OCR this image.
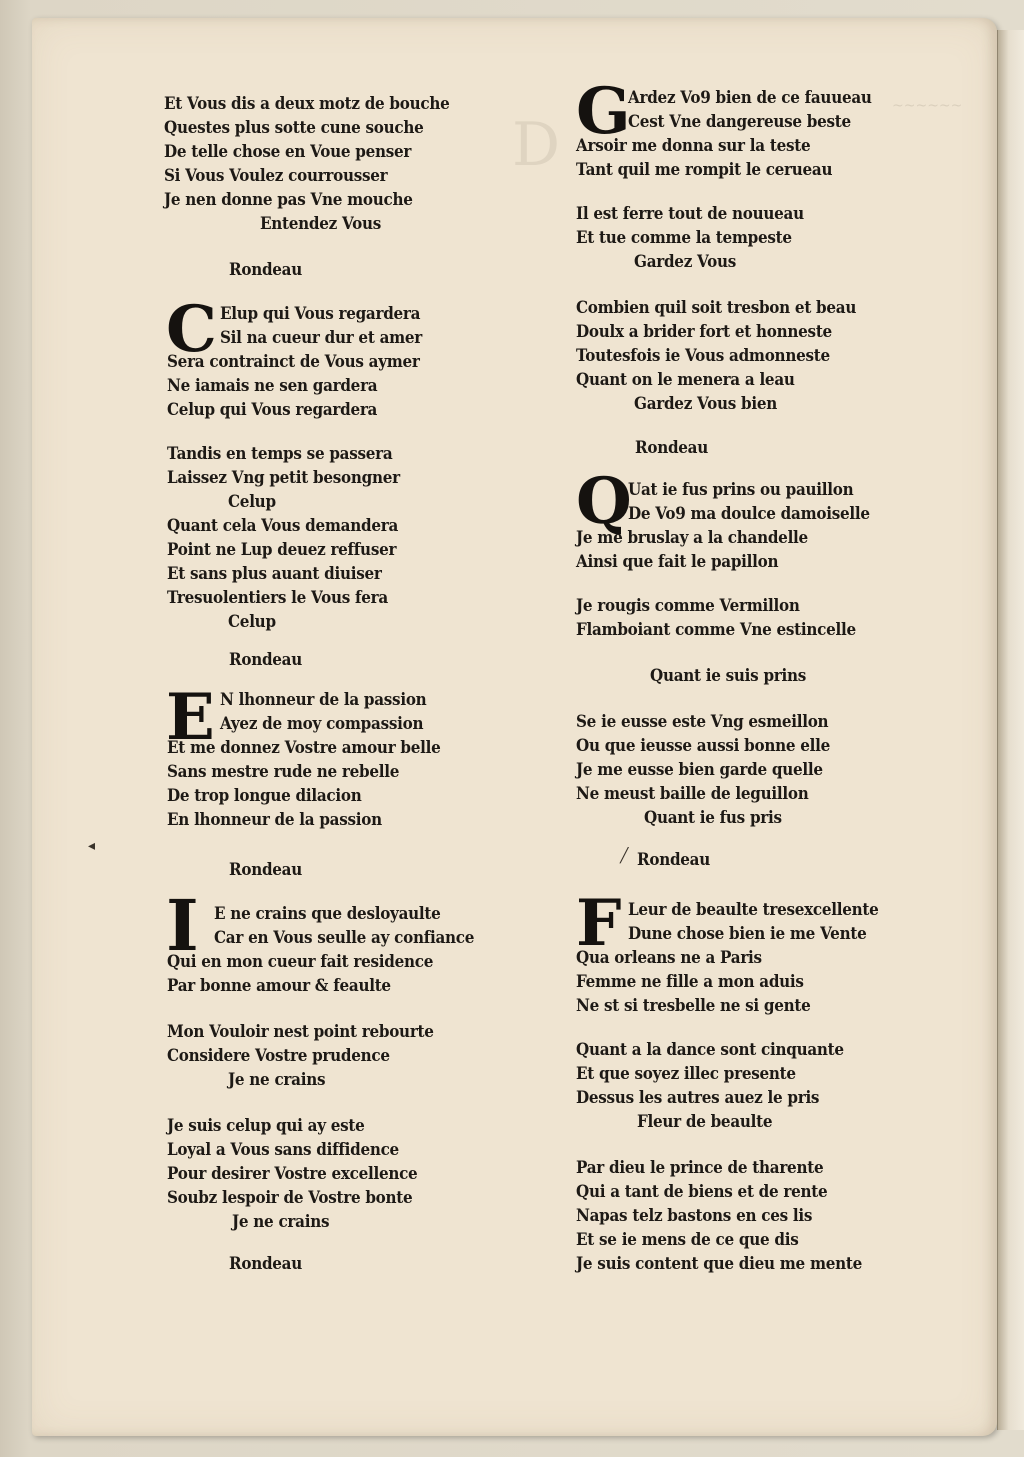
D
~~~~~~
Et Vous dis a deux motz de bouche
Questes plus sotte cune souche
De telle chose en Voue penser
Si Vous Voulez courrousser
Je nen donne pas Vne mouche
Entendez Vous
Rondeau
C Elup qui Vous regardera
Sil na cueur dur et amer
Sera contrainct de Vous aymer
Ne iamais ne sen gardera
Celup qui Vous regardera
Tandis en temps se passera
Laissez Vng petit besongner
Celup
Quant cela Vous demandera
Point ne Lup deuez reffuser
Et sans plus auant diuiser
Tresuolentiers le Vous fera
Celup
Rondeau
E N lhonneur de la passion
Ayez de moy compassion
Et me donnez Vostre amour belle
Sans mestre rude ne rebelle
De trop longue dilacion
En lhonneur de la passion
◂
Rondeau
I E ne crains que desloyaulte
Car en Vous seulle ay confiance
Qui en mon cueur fait residence
Par bonne amour & feaulte
Mon Vouloir nest point rebourte
Considere Vostre prudence
Je ne crains
Je suis celup qui ay este
Loyal a Vous sans diffidence
Pour desirer Vostre excellence
Soubz lespoir de Vostre bonte
Je ne crains
Rondeau
G
Ardez Vo9 bien de ce fauueau
Cest Vne dangereuse beste
Arsoir me donna sur la teste
Tant quil me rompit le cerueau
Il est ferre tout de nouueau
Et tue comme la tempeste
Gardez Vous
Combien quil soit tresbon et beau
Doulx a brider fort et honneste
Toutesfois ie Vous admonneste
Quant on le menera a leau
Gardez Vous bien
Rondeau
Q
Uat ie fus prins ou pauillon
De Vo9 ma doulce damoiselle
Je me bruslay a la chandelle
Ainsi que fait le papillon
Je rougis comme Vermillon
Flamboiant comme Vne estincelle
Quant ie suis prins
Se ie eusse este Vng esmeillon
Ou que ieusse aussi bonne elle
Je me eusse bien garde quelle
Ne meust baille de leguillon
Quant ie fus pris
╱ Rondeau
F Leur de beaulte tresexcellente
Dune chose bien ie me Vente
Qua orleans ne a Paris
Femme ne fille a mon aduis
Ne st si tresbelle ne si gente
Quant a la dance sont cinquante
Et que soyez illec presente
Dessus les autres auez le pris
Fleur de beaulte
Par dieu le prince de tharente
Qui a tant de biens et de rente
Napas telz bastons en ces lis
Et se ie mens de ce que dis
Je suis content que dieu me mente
